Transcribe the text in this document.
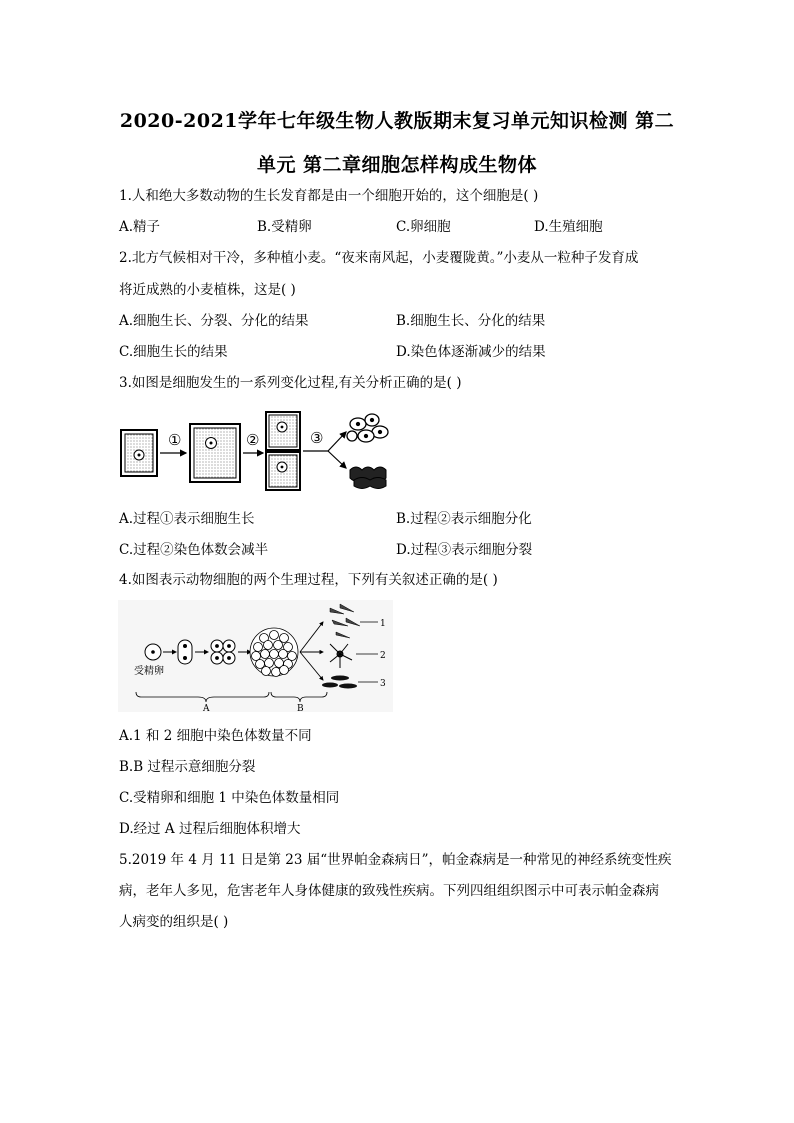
2020-2021学年七年级生物人教版期末复习单元知识检测 第二
单元 第二章细胞怎样构成生物体
1.人和绝大多数动物的生长发育都是由一个细胞开始的，这个细胞是( )
A.精子	B.受精卵	C.卵细胞	D.生殖细胞
2.北方气候相对干冷，多种植小麦。“夜来南风起，小麦覆陇黄。”小麦从一粒种子发育成
将近成熟的小麦植株，这是( )
A.细胞生长、分裂、分化的结果	B.细胞生长、分化的结果
C.细胞生长的结果	D.染色体逐渐减少的结果
3.如图是细胞发生的一系列变化过程,有关分析正确的是( )
①	②	③
A.过程①表示细胞生长	B.过程②表示细胞分化
C.过程②染色体数会减半	D.过程③表示细胞分裂
4.如图表示动物细胞的两个生理过程，下列有关叙述正确的是( )
受精卵
1
2
3
A	B
A.1 和 2 细胞中染色体数量不同
B.B 过程示意细胞分裂
C.受精卵和细胞 1 中染色体数量相同
D.经过 A 过程后细胞体积增大
5.2019 年 4 月 11 日是第 23 届“世界帕金森病日”，帕金森病是一种常见的神经系统变性疾
病，老年人多见，危害老年人身体健康的致残性疾病。下列四组组织图示中可表示帕金森病
人病变的组织是( )
